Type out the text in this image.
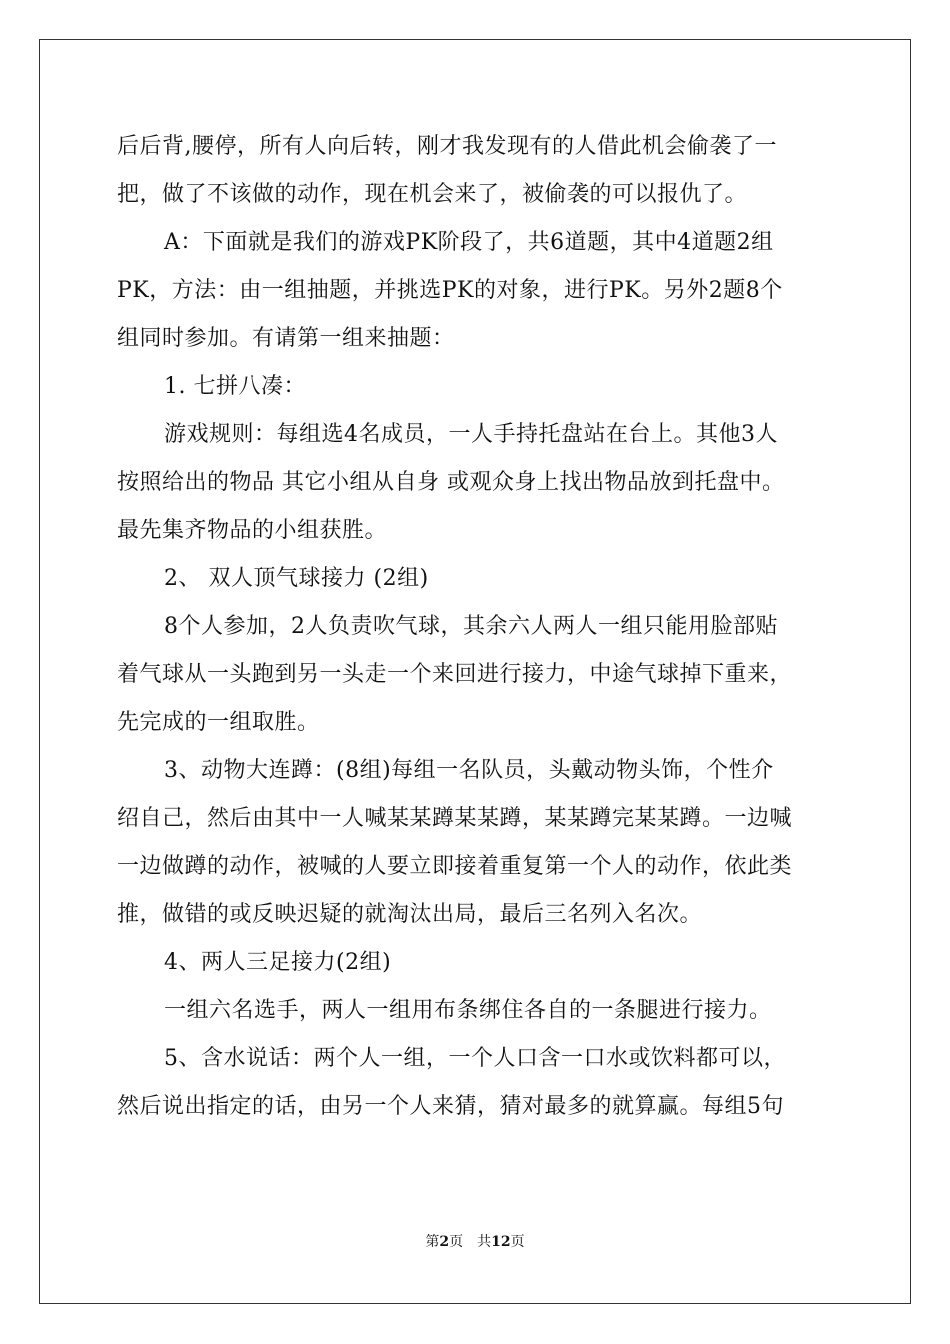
后后背,腰停，所有人向后转，刚才我发现有的人借此机会偷袭了一
把，做了不该做的动作，现在机会来了，被偷袭的可以报仇了。
A：下面就是我们的游戏PK阶段了，共6道题，其中4道题2组
PK，方法：由一组抽题，并挑选PK的对象，进行PK。另外2题8个
组同时参加。有请第一组来抽题：
1. 七拼八凑：
游戏规则：每组选4名成员，一人手持托盘站在台上。其他3人
按照给出的物品 其它小组从自身 或观众身上找出物品放到托盘中。
最先集齐物品的小组获胜。
2、 双人顶气球接力 (2组)
8个人参加，2人负责吹气球，其余六人两人一组只能用脸部贴
着气球从一头跑到另一头走一个来回进行接力，中途气球掉下重来，
先完成的一组取胜。
3、动物大连蹲：(8组)每组一名队员，头戴动物头饰，个性介
绍自己，然后由其中一人喊某某蹲某某蹲，某某蹲完某某蹲。一边喊
一边做蹲的动作，被喊的人要立即接着重复第一个人的动作，依此类
推，做错的或反映迟疑的就淘汰出局，最后三名列入名次。
4、两人三足接力(2组)
一组六名选手，两人一组用布条绑住各自的一条腿进行接力。
5、含水说话：两个人一组，一个人口含一口水或饮料都可以，
然后说出指定的话，由另一个人来猜，猜对最多的就算赢。每组5句
第2页　共12页
